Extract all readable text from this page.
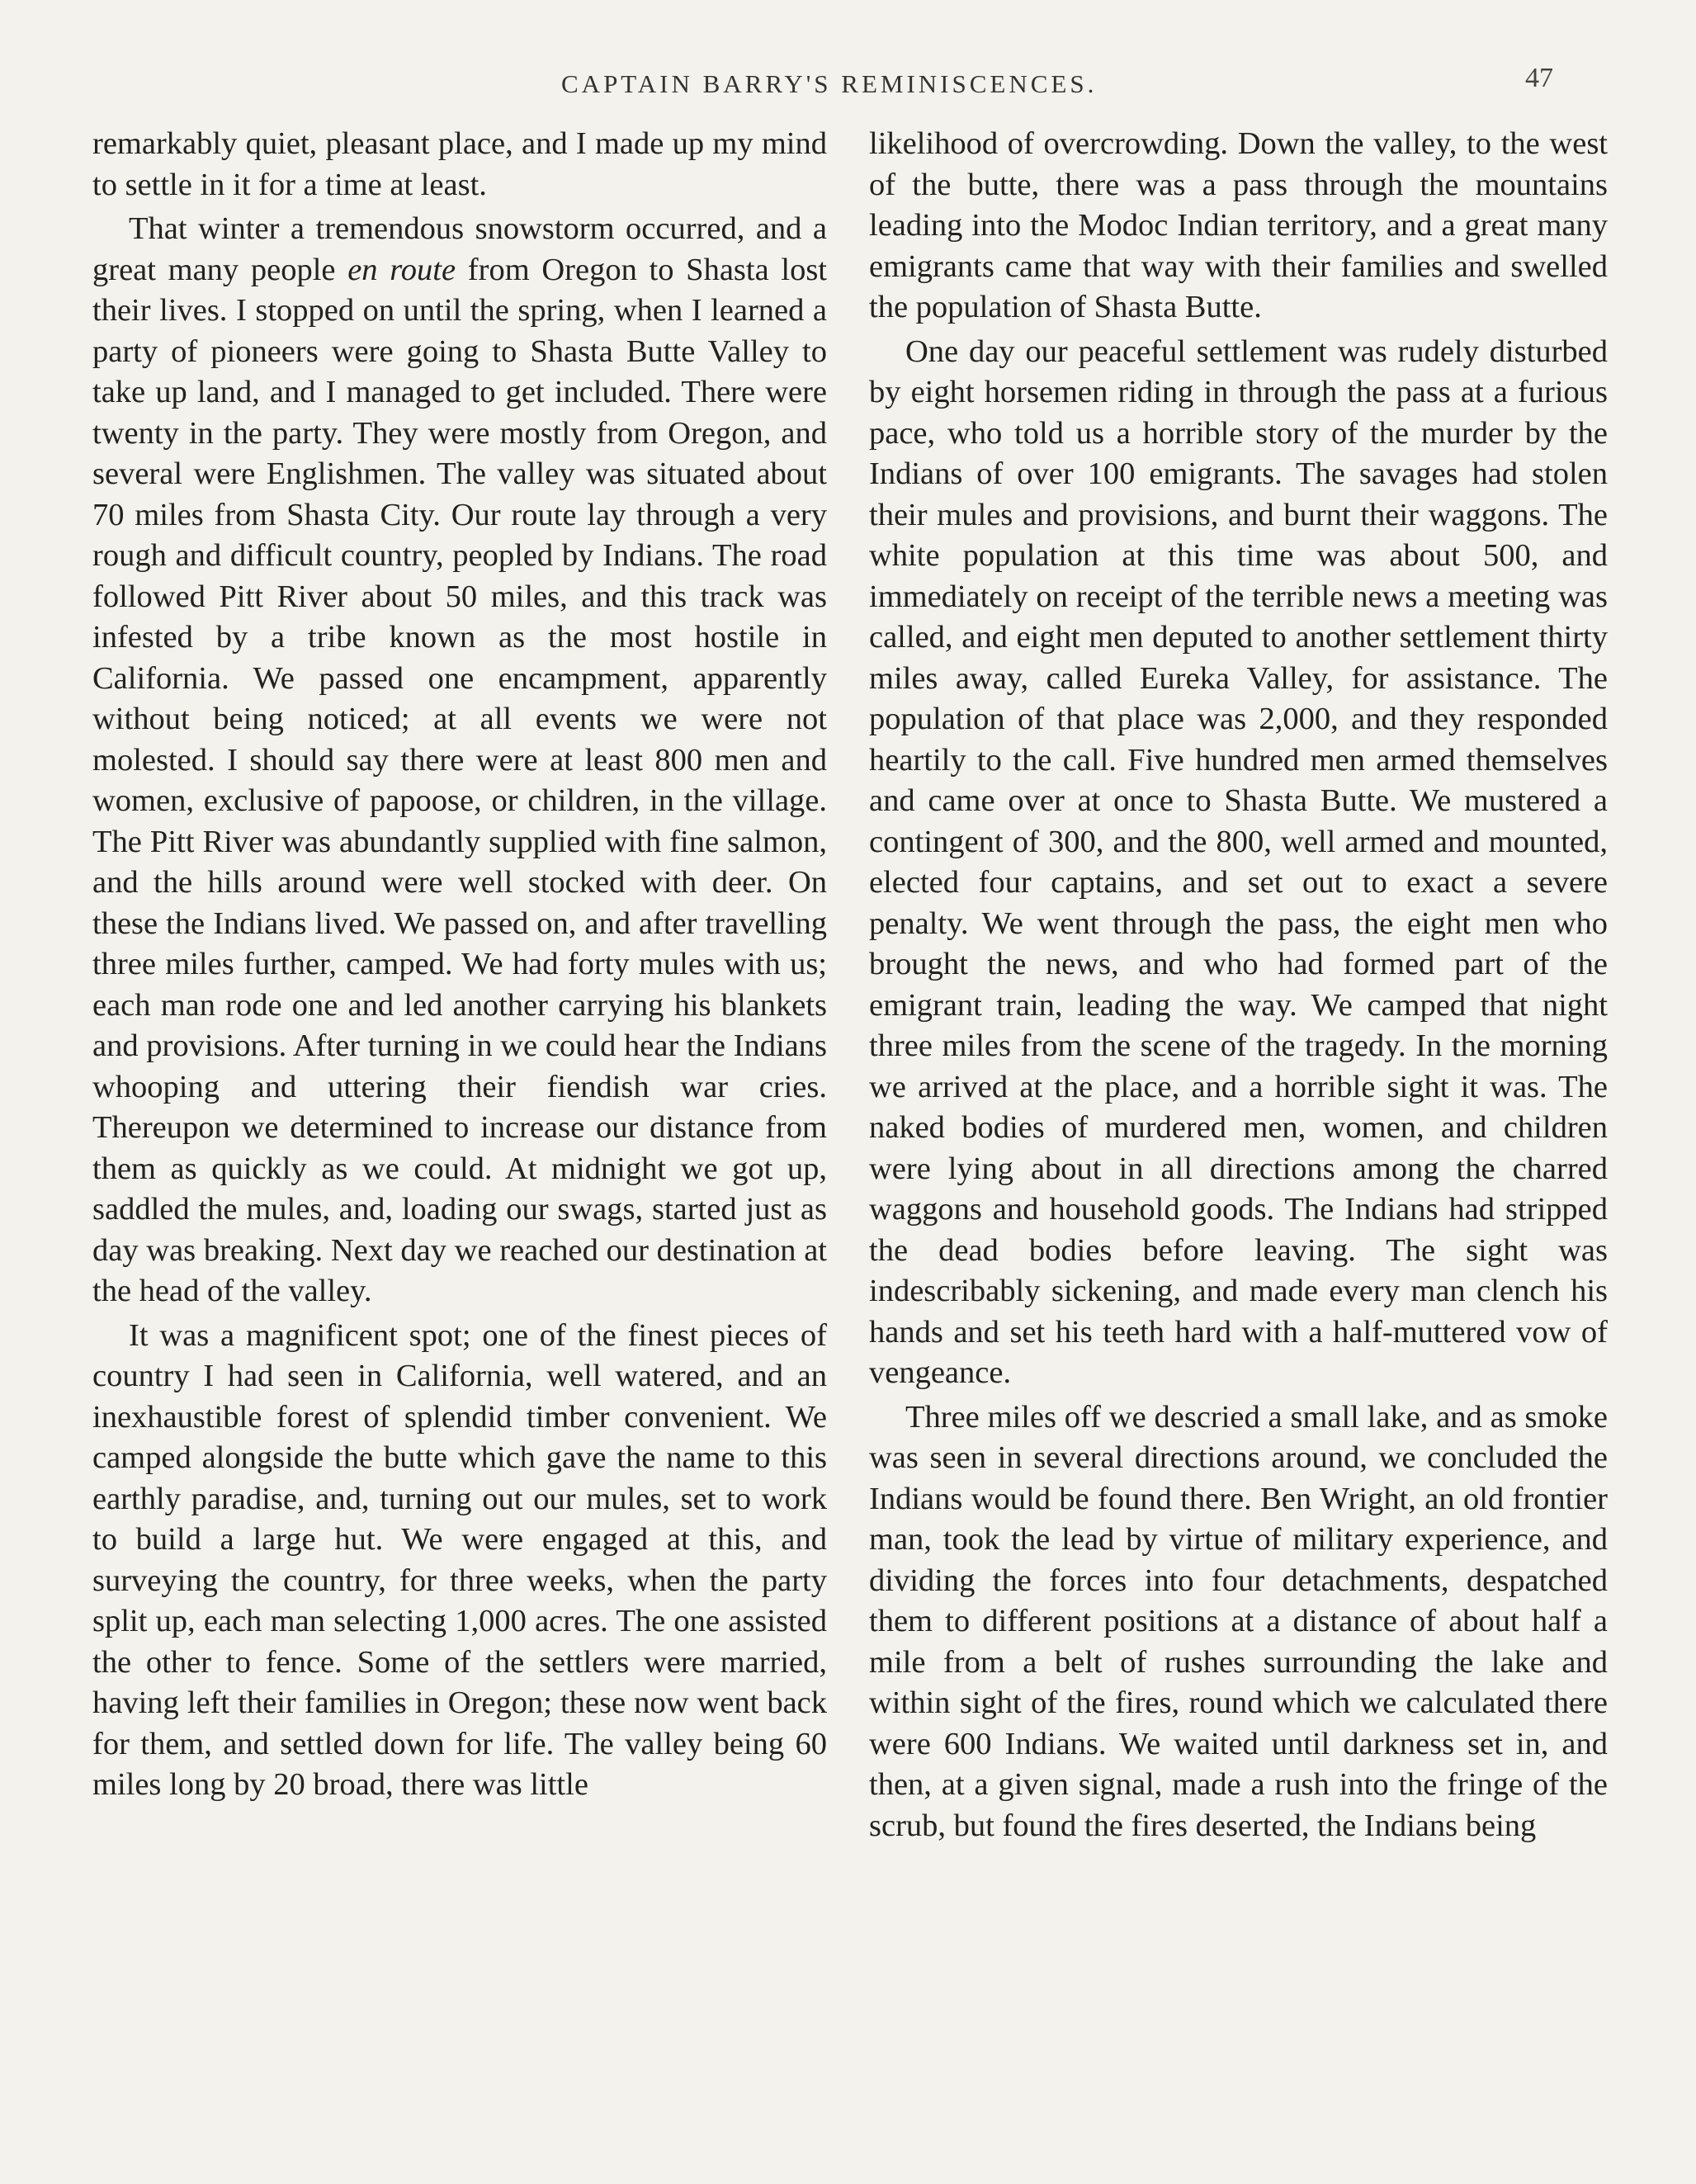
CAPTAIN BARRY'S REMINISCENCES.	47

remarkably quiet, pleasant place, and I made up my mind to settle in it for a time at least.

That winter a tremendous snowstorm occurred, and a great many people en route from Oregon to Shasta lost their lives. I stopped on until the spring, when I learned a party of pioneers were going to Shasta Butte Valley to take up land, and I managed to get included. There were twenty in the party. They were mostly from Oregon, and several were Englishmen. The valley was situated about 70 miles from Shasta City. Our route lay through a very rough and difficult country, peopled by Indians. The road followed Pitt River about 50 miles, and this track was infested by a tribe known as the most hostile in California. We passed one encampment, apparently without being noticed; at all events we were not molested. I should say there were at least 800 men and women, exclusive of papoose, or children, in the village. The Pitt River was abundantly supplied with fine salmon, and the hills around were well stocked with deer. On these the Indians lived. We passed on, and after travelling three miles further, camped. We had forty mules with us; each man rode one and led another carrying his blankets and provisions. After turning in we could hear the Indians whooping and uttering their fiendish war cries. Thereupon we determined to increase our distance from them as quickly as we could. At midnight we got up, saddled the mules, and, loading our swags, started just as day was breaking. Next day we reached our destination at the head of the valley.

It was a magnificent spot; one of the finest pieces of country I had seen in California, well watered, and an inexhaustible forest of splendid timber convenient. We camped alongside the butte which gave the name to this earthly paradise, and, turning out our mules, set to work to build a large hut. We were engaged at this, and surveying the country, for three weeks, when the party split up, each man selecting 1,000 acres. The one assisted the other to fence. Some of the settlers were married, having left their families in Oregon; these now went back for them, and settled down for life. The valley being 60 miles long by 20 broad, there was little

likelihood of overcrowding. Down the valley, to the west of the butte, there was a pass through the mountains leading into the Modoc Indian territory, and a great many emigrants came that way with their families and swelled the population of Shasta Butte.

One day our peaceful settlement was rudely disturbed by eight horsemen riding in through the pass at a furious pace, who told us a horrible story of the murder by the Indians of over 100 emigrants. The savages had stolen their mules and provisions, and burnt their waggons. The white population at this time was about 500, and immediately on receipt of the terrible news a meeting was called, and eight men deputed to another settlement thirty miles away, called Eureka Valley, for assistance. The population of that place was 2,000, and they responded heartily to the call. Five hundred men armed themselves and came over at once to Shasta Butte. We mustered a contingent of 300, and the 800, well armed and mounted, elected four captains, and set out to exact a severe penalty. We went through the pass, the eight men who brought the news, and who had formed part of the emigrant train, leading the way. We camped that night three miles from the scene of the tragedy. In the morning we arrived at the place, and a horrible sight it was. The naked bodies of murdered men, women, and children were lying about in all directions among the charred waggons and household goods. The Indians had stripped the dead bodies before leaving. The sight was indescribably sickening, and made every man clench his hands and set his teeth hard with a half-muttered vow of vengeance.

Three miles off we descried a small lake, and as smoke was seen in several directions around, we concluded the Indians would be found there. Ben Wright, an old frontier man, took the lead by virtue of military experience, and dividing the forces into four detachments, despatched them to different positions at a distance of about half a mile from a belt of rushes surrounding the lake and within sight of the fires, round which we calculated there were 600 Indians. We waited until darkness set in, and then, at a given signal, made a rush into the fringe of the scrub, but found the fires deserted, the Indians being
